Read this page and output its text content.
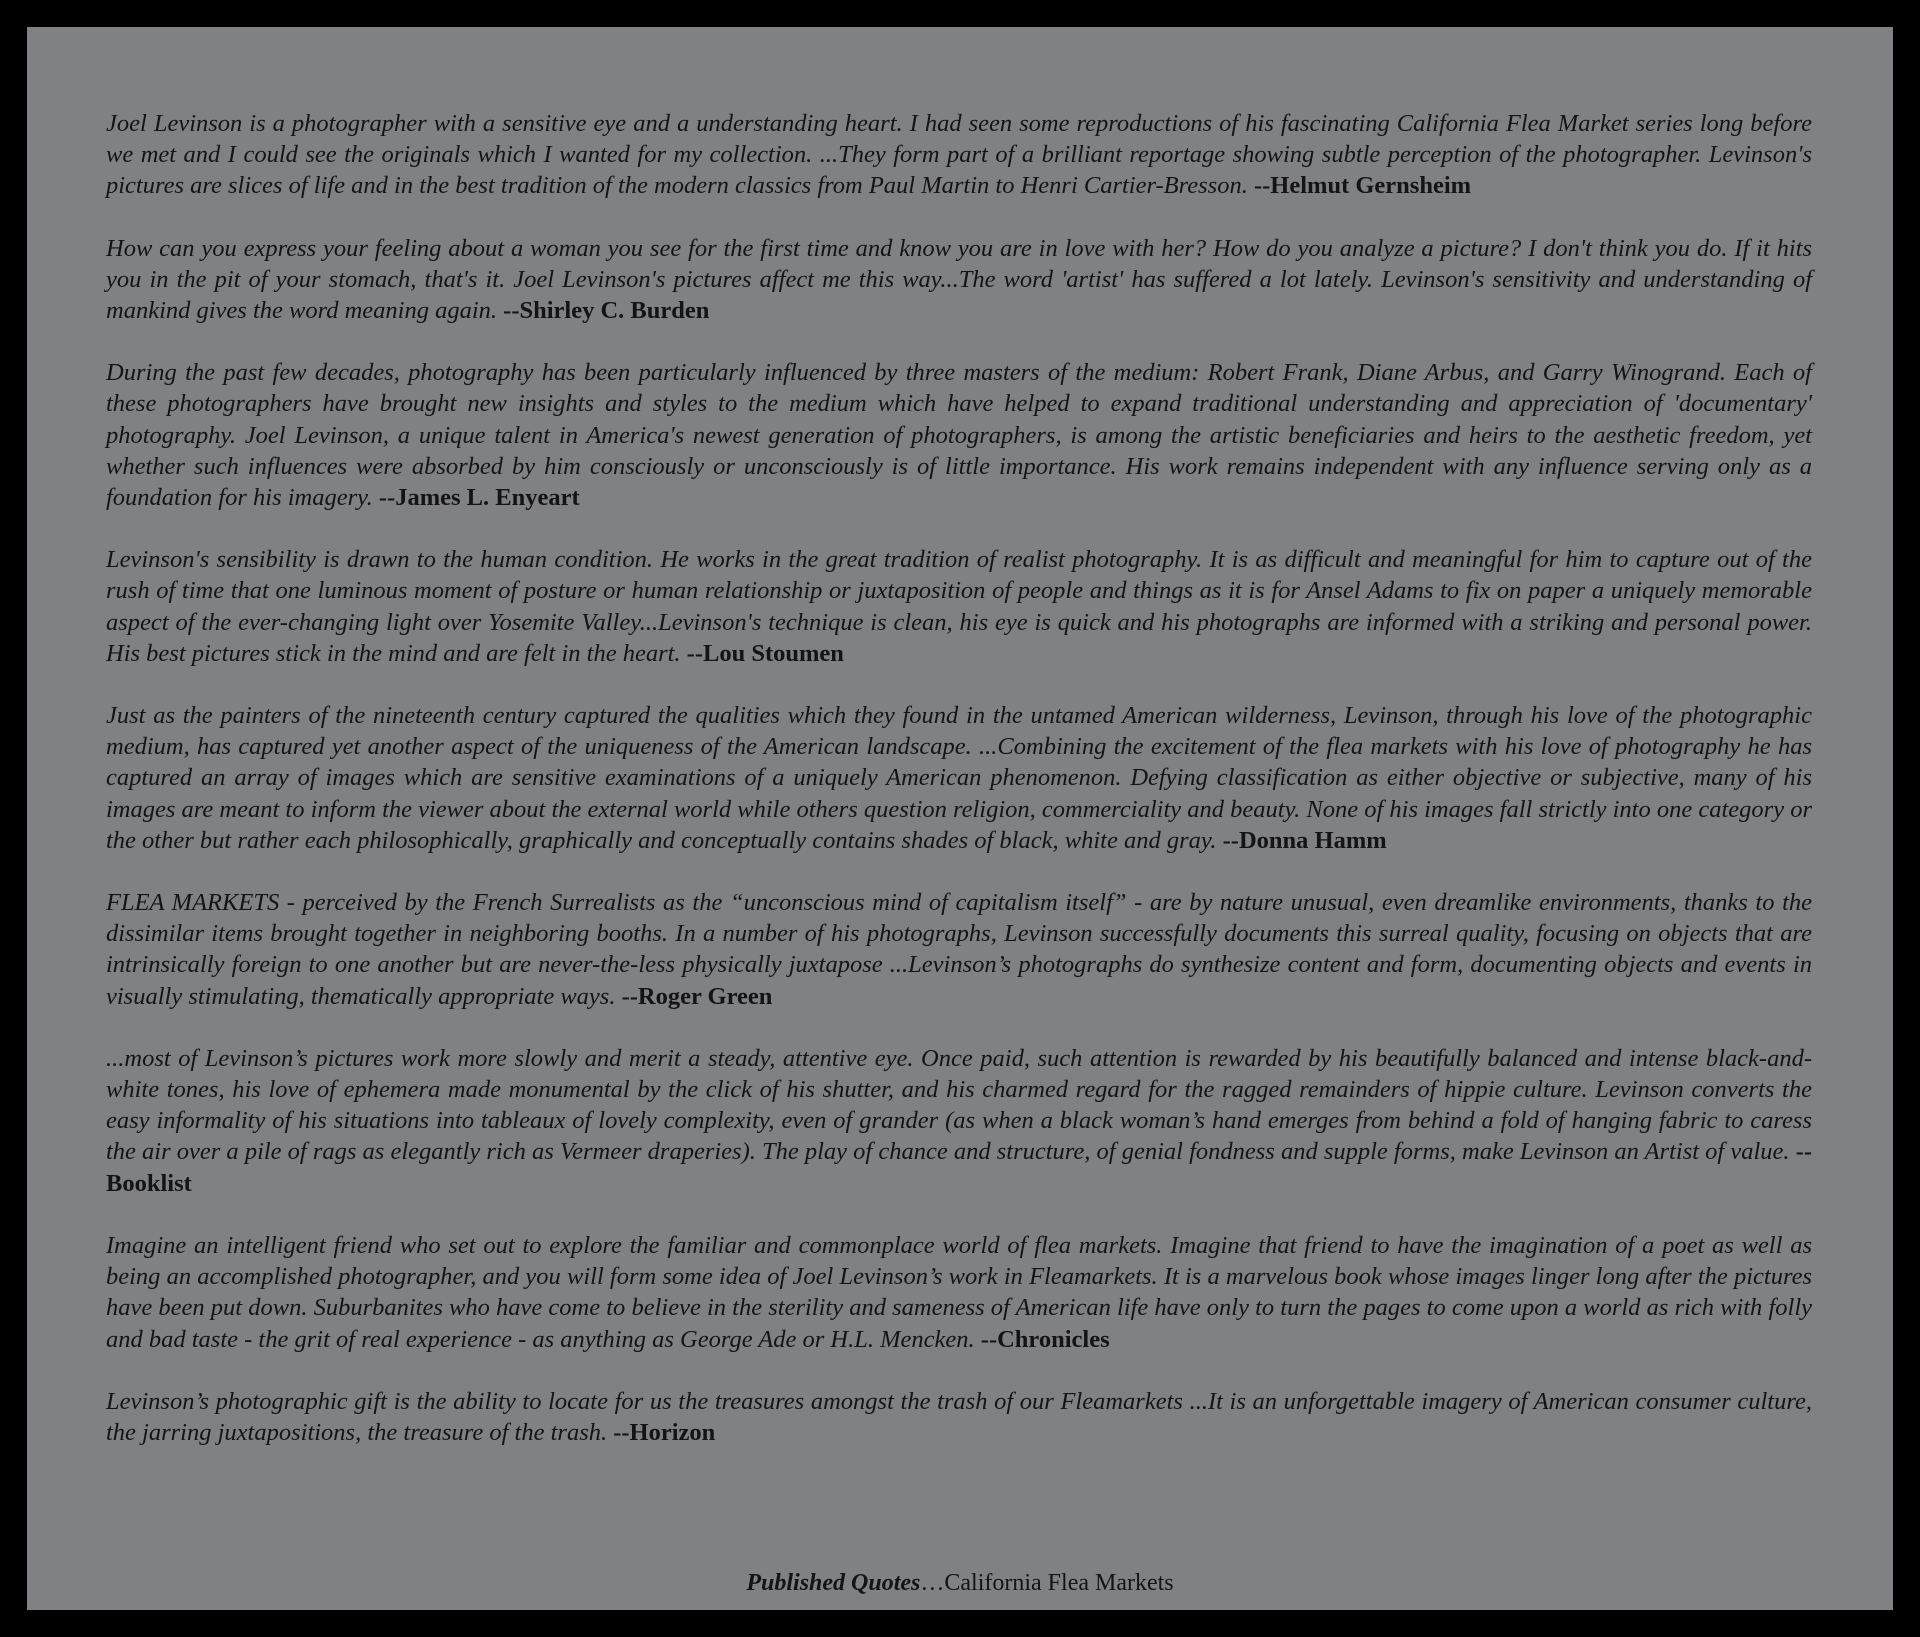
Joel Levinson is a photographer with a sensitive eye and a understanding heart. I had seen some reproductions of his fascinating California Flea Market series long before we met and I could see the originals which I wanted for my collection. ...They form part of a brilliant reportage showing subtle perception of the photographer. Levinson's pictures are slices of life and in the best tradition of the modern classics from Paul Martin to Henri Cartier-Bresson. --Helmut Gernsheim

How can you express your feeling about a woman you see for the first time and know you are in love with her? How do you analyze a picture? I don't think you do. If it hits you in the pit of your stomach, that's it. Joel Levinson's pictures affect me this way...The word 'artist' has suffered a lot lately. Levinson's sensitivity and understanding of mankind gives the word meaning again. --Shirley C. Burden

During the past few decades, photography has been particularly influenced by three masters of the medium: Robert Frank, Diane Arbus, and Garry Winogrand. Each of these photographers have brought new insights and styles to the medium which have helped to expand traditional understanding and appreciation of 'documentary' photography. Joel Levinson, a unique talent in America's newest generation of photographers, is among the artistic beneficiaries and heirs to the aesthetic freedom, yet whether such influences were absorbed by him consciously or unconsciously is of little importance. His work remains independent with any influence serving only as a foundation for his imagery. --James L. Enyeart

Levinson's sensibility is drawn to the human condition. He works in the great tradition of realist photography. It is as difficult and meaningful for him to capture out of the rush of time that one luminous moment of posture or human relationship or juxtaposition of people and things as it is for Ansel Adams to fix on paper a uniquely memorable aspect of the ever-changing light over Yosemite Valley...Levinson's technique is clean, his eye is quick and his photographs are informed with a striking and personal power. His best pictures stick in the mind and are felt in the heart. --Lou Stoumen

Just as the painters of the nineteenth century captured the qualities which they found in the untamed American wilderness, Levinson, through his love of the photographic medium, has captured yet another aspect of the uniqueness of the American landscape. ...Combining the excitement of the flea markets with his love of photography he has captured an array of images which are sensitive examinations of a uniquely American phenomenon. Defying classification as either objective or subjective, many of his images are meant to inform the viewer about the external world while others question religion, commerciality and beauty. None of his images fall strictly into one category or the other but rather each philosophically, graphically and conceptually contains shades of black, white and gray. --Donna Hamm

FLEA MARKETS - perceived by the French Surrealists as the “unconscious mind of capitalism itself” - are by nature unusual, even dreamlike environments, thanks to the dissimilar items brought together in neighboring booths. In a number of his photographs, Levinson successfully documents this surreal quality, focusing on objects that are intrinsically foreign to one another but are never-the-less physically juxtapose ...Levinson’s photographs do synthesize content and form, documenting objects and events in visually stimulating, thematically appropriate ways. --Roger Green

...most of Levinson’s pictures work more slowly and merit a steady, attentive eye. Once paid, such attention is rewarded by his beautifully balanced and intense black-and-white tones, his love of ephemera made monumental by the click of his shutter, and his charmed regard for the ragged remainders of hippie culture. Levinson converts the easy informality of his situations into tableaux of lovely complexity, even of grander (as when a black woman’s hand emerges from behind a fold of hanging fabric to caress the air over a pile of rags as elegantly rich as Vermeer draperies). The play of chance and structure, of genial fondness and supple forms, make Levinson an Artist of value. --Booklist

Imagine an intelligent friend who set out to explore the familiar and commonplace world of flea markets. Imagine that friend to have the imagination of a poet as well as being an accomplished photographer, and you will form some idea of Joel Levinson’s work in Fleamarkets. It is a marvelous book whose images linger long after the pictures have been put down. Suburbanites who have come to believe in the sterility and sameness of American life have only to turn the pages to come upon a world as rich with folly and bad taste - the grit of real experience - as anything as George Ade or H.L. Mencken. --Chronicles

Levinson’s photographic gift is the ability to locate for us the treasures amongst the trash of our Fleamarkets ...It is an unforgettable imagery of American consumer culture, the jarring juxtapositions, the treasure of the trash. --Horizon

Published Quotes…California Flea Markets
